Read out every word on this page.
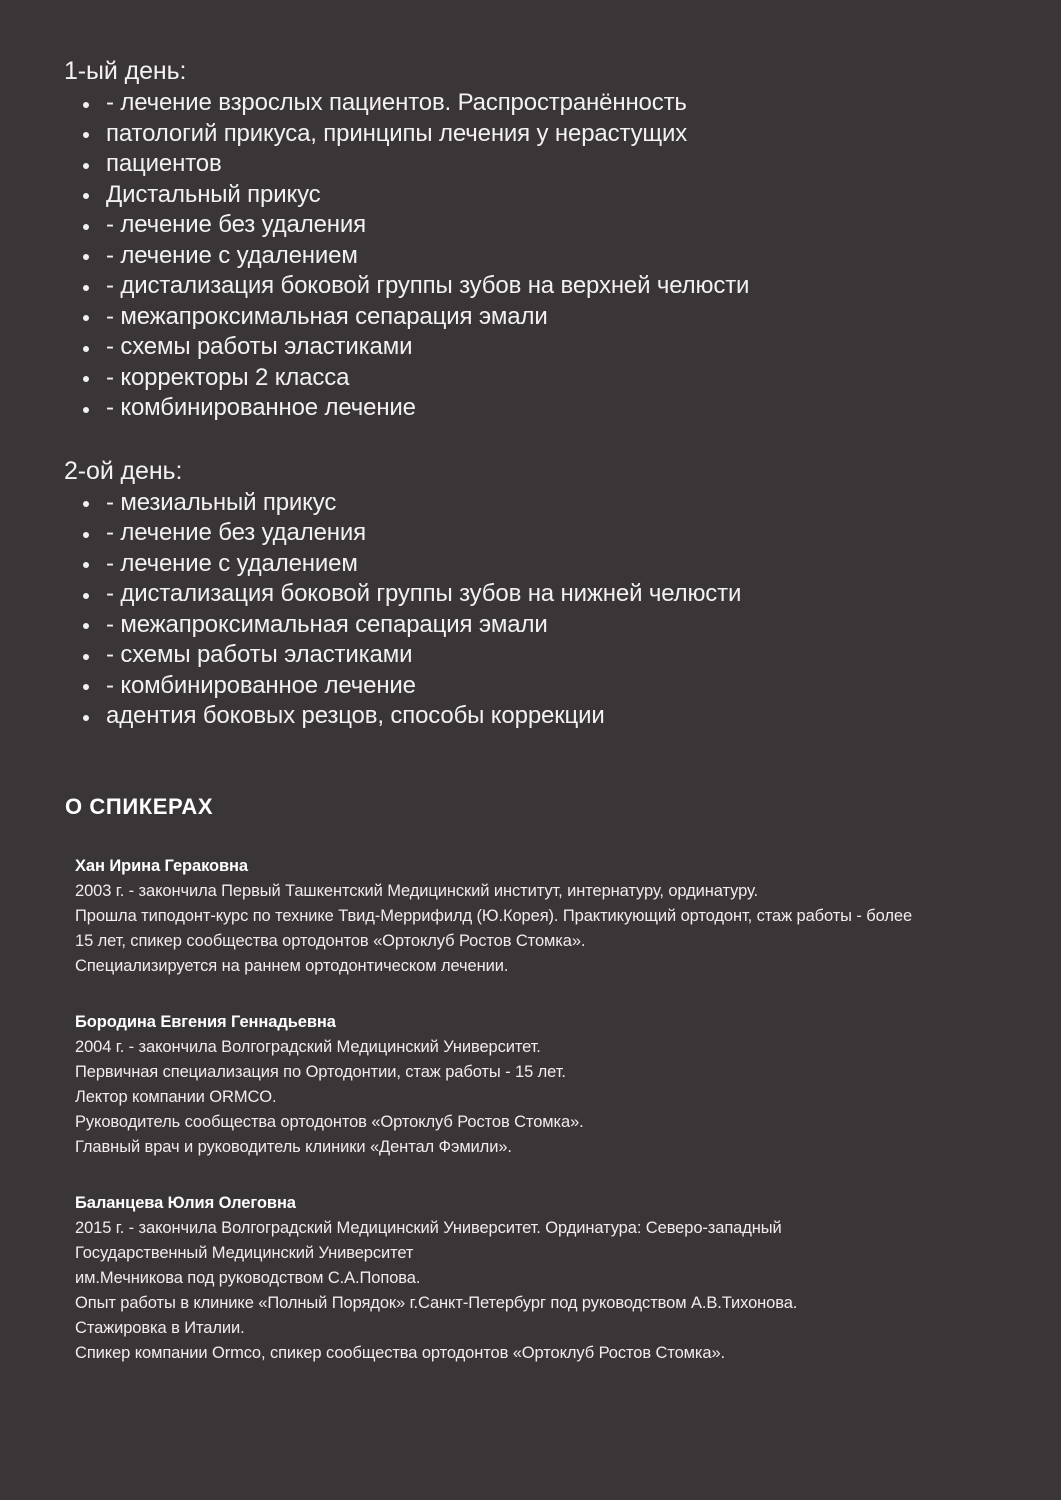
1-ый день:
- лечение взрослых пациентов. Распространённость
патологий прикуса, принципы лечения у нерастущих
пациентов
Дистальный прикус
- лечение без удаления
- лечение с удалением
- дистализация боковой группы зубов на верхней челюсти
- межапроксимальная сепарация эмали
- схемы работы эластиками
- корректоры 2 класса
- комбинированное лечение
2-ой день:
- мезиальный прикус
- лечение без удаления
- лечение с удалением
- дистализация боковой группы зубов на нижней челюсти
- межапроксимальная сепарация эмали
- схемы работы эластиками
- комбинированное лечение
адентия боковых резцов, способы коррекции
О СПИКЕРАХ
Хан Ирина Гераковна

2003 г. - закончила Первый Ташкентский Медицинский институт, интернатуру, ординатуру.

Прошла типодонт-курс по технике Твид-Меррифилд (Ю.Корея). Практикующий ортодонт, стаж работы - более 15 лет, спикер сообщества ортодонтов «Ортоклуб Ростов Стомка».

Специализируется на раннем ортодонтическом лечении.

Бородина Евгения Геннадьевна

2004 г. - закончила Волгоградский Медицинский Университет.

Первичная специализация по Ортодонтии, стаж работы - 15 лет.

Лектор компании ORMCO.

Руководитель сообщества ортодонтов «Ортоклуб Ростов Стомка».

Главный врач и руководитель клиники «Дентал Фэмили».

Баланцева Юлия Олеговна

2015 г. - закончила Волгоградский Медицинский Университет. Ординатура: Северо-западный Государственный Медицинский Университет

им.Мечникова под руководством С.А.Попова.

Опыт работы в клинике «Полный Порядок» г.Санкт-Петербург под руководством А.В.Тихонова.

Стажировка в Италии.

Спикер компании Ormco, спикер сообщества ортодонтов «Ортоклуб Ростов Стомка».
